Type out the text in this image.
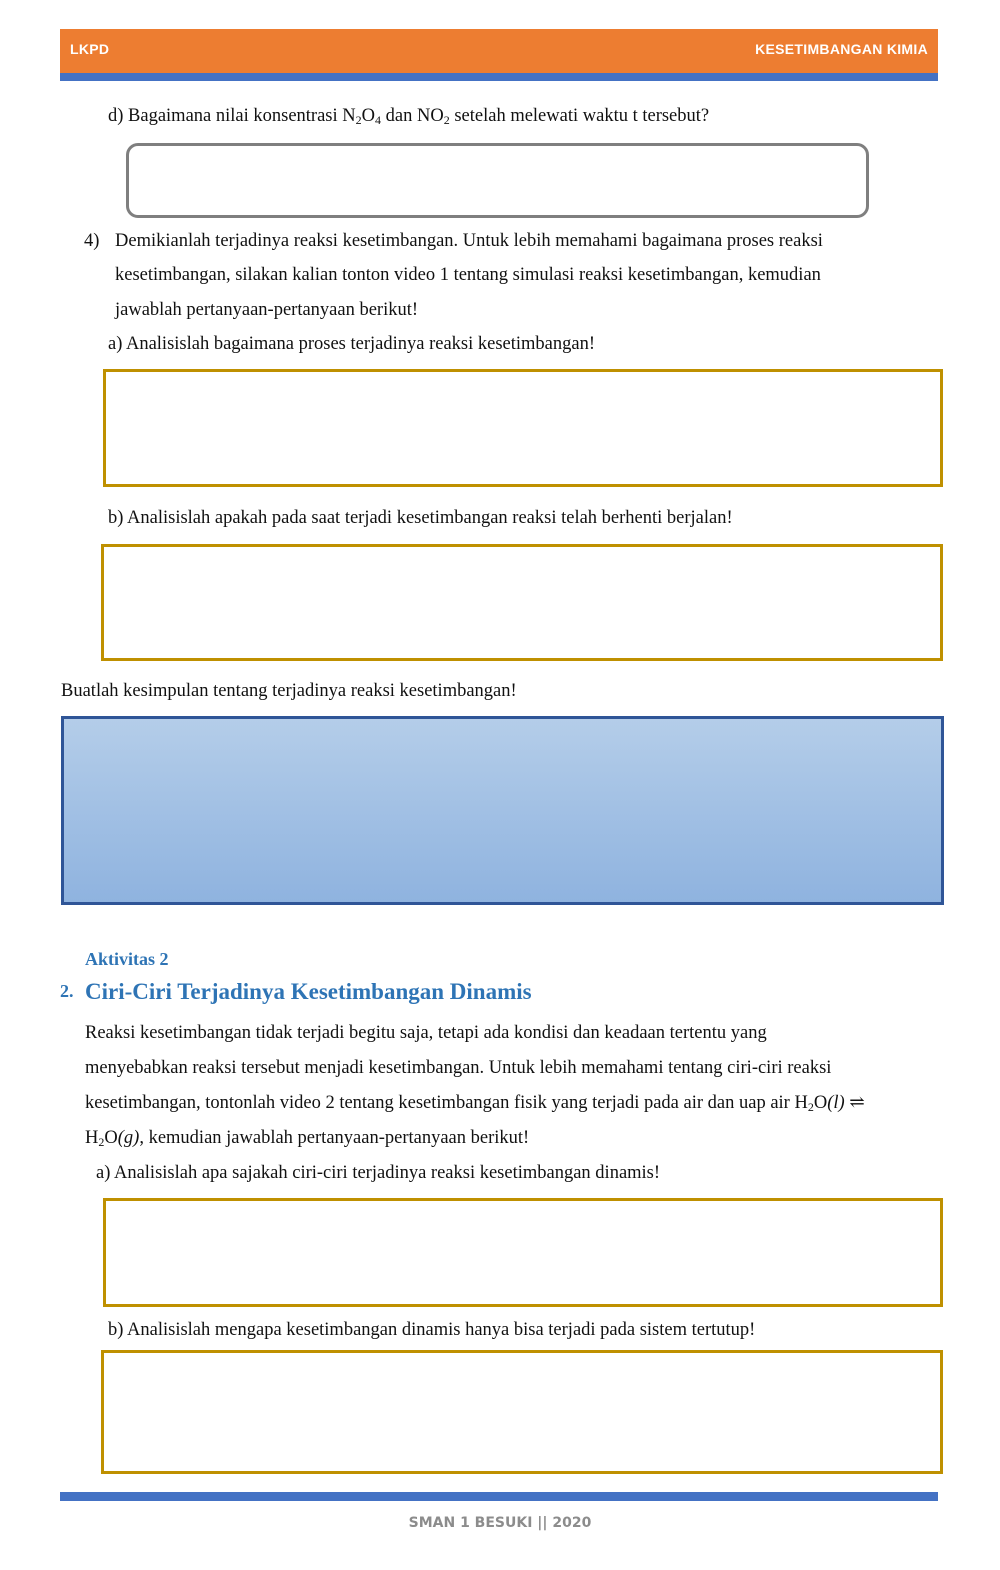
LKPD	KESETIMBANGAN KIMIA
d) Bagaimana nilai konsentrasi $N_2O_4$ dan $NO_2$ setelah melewati waktu t tersebut?
4) Demikianlah terjadinya reaksi kesetimbangan. Untuk lebih memahami bagaimana proses reaksi
kesetimbangan, silakan kalian tonton video 1 tentang simulasi reaksi kesetimbangan, kemudian
jawablah pertanyaan-pertanyaan berikut!
a) Analisislah bagaimana proses terjadinya reaksi kesetimbangan!
b) Analisislah apakah pada saat terjadi kesetimbangan reaksi telah berhenti berjalan!
Buatlah kesimpulan tentang terjadinya reaksi kesetimbangan!
Aktivitas 2
2. Ciri-Ciri Terjadinya Kesetimbangan Dinamis
Reaksi kesetimbangan tidak terjadi begitu saja, tetapi ada kondisi dan keadaan tertentu yang
menyebabkan reaksi tersebut menjadi kesetimbangan. Untuk lebih memahami tentang ciri-ciri reaksi
kesetimbangan, tontonlah video 2 tentang kesetimbangan fisik yang terjadi pada air dan uap air $H_2O(l)$ ⇌
$H_2O(g)$, kemudian jawablah pertanyaan-pertanyaan berikut!
a) Analisislah apa sajakah ciri-ciri terjadinya reaksi kesetimbangan dinamis!
b) Analisislah mengapa kesetimbangan dinamis hanya bisa terjadi pada sistem tertutup!
SMAN 1 BESUKI || 2020
